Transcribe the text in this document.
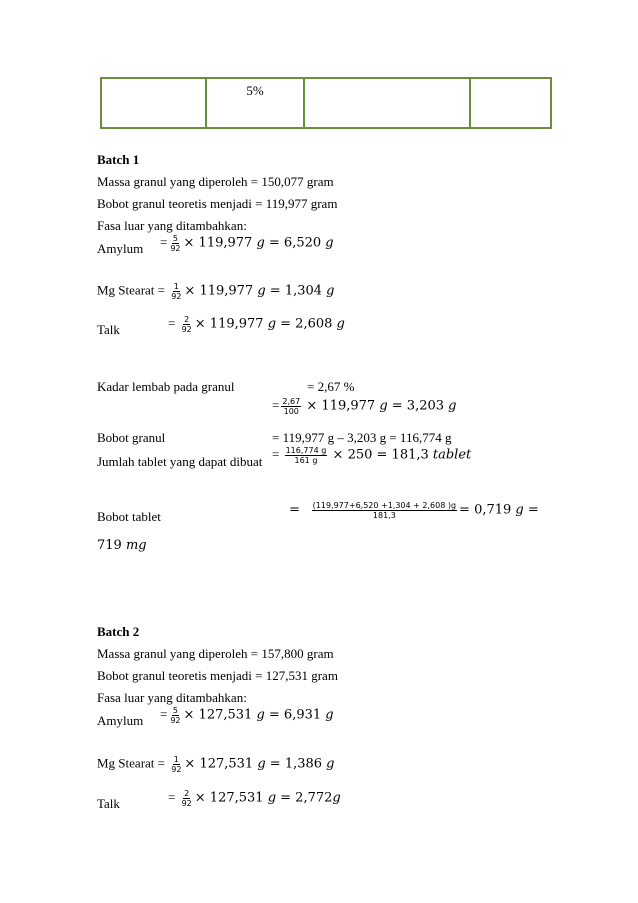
	5%		
Batch 1
Massa granul yang diperoleh = 150,077 gram
Bobot granul teoretis menjadi = 119,977 gram
Fasa luar yang ditambahkan:
Amylum = $\frac{5}{92} \times 119,977$ 𝑔 = 6,520 𝑔
Mg Stearat = $\frac{1}{92} \times 119,977$ 𝑔 = 1,304 𝑔
Talk	= $\frac{2}{92} \times 119,977$ 𝑔 = 2,608 𝑔
Kadar lembab pada granul	= 2,67 %
= $\frac{2,67}{100} \times 119,977$ 𝑔 = 3,203 𝑔
Bobot granul	= 119,977 g – 3,203 g = 116,774 g
Jumlah tablet yang dapat dibuat
= $\frac{116,774 g}{161 g} \times 250 = 181,3$ 𝑡𝑎𝑏𝑙𝑒𝑡
Bobot tablet	= $\frac{(119,977+6,520 +1,304 + 2,608 )g}{181,3} = 0,719$ 𝑔 =
719 𝑚𝑔
Batch 2
Massa granul yang diperoleh = 157,800 gram
Bobot granul teoretis menjadi = 127,531 gram
Fasa luar yang ditambahkan:
Amylum = $\frac{5}{92} \times 127,531$ 𝑔 = 6,931 𝑔
Mg Stearat = $\frac{1}{92} \times 127,531$ 𝑔 = 1,386 𝑔
Talk	= $\frac{2}{92} \times 127,531$ 𝑔 = 2,772𝑔
